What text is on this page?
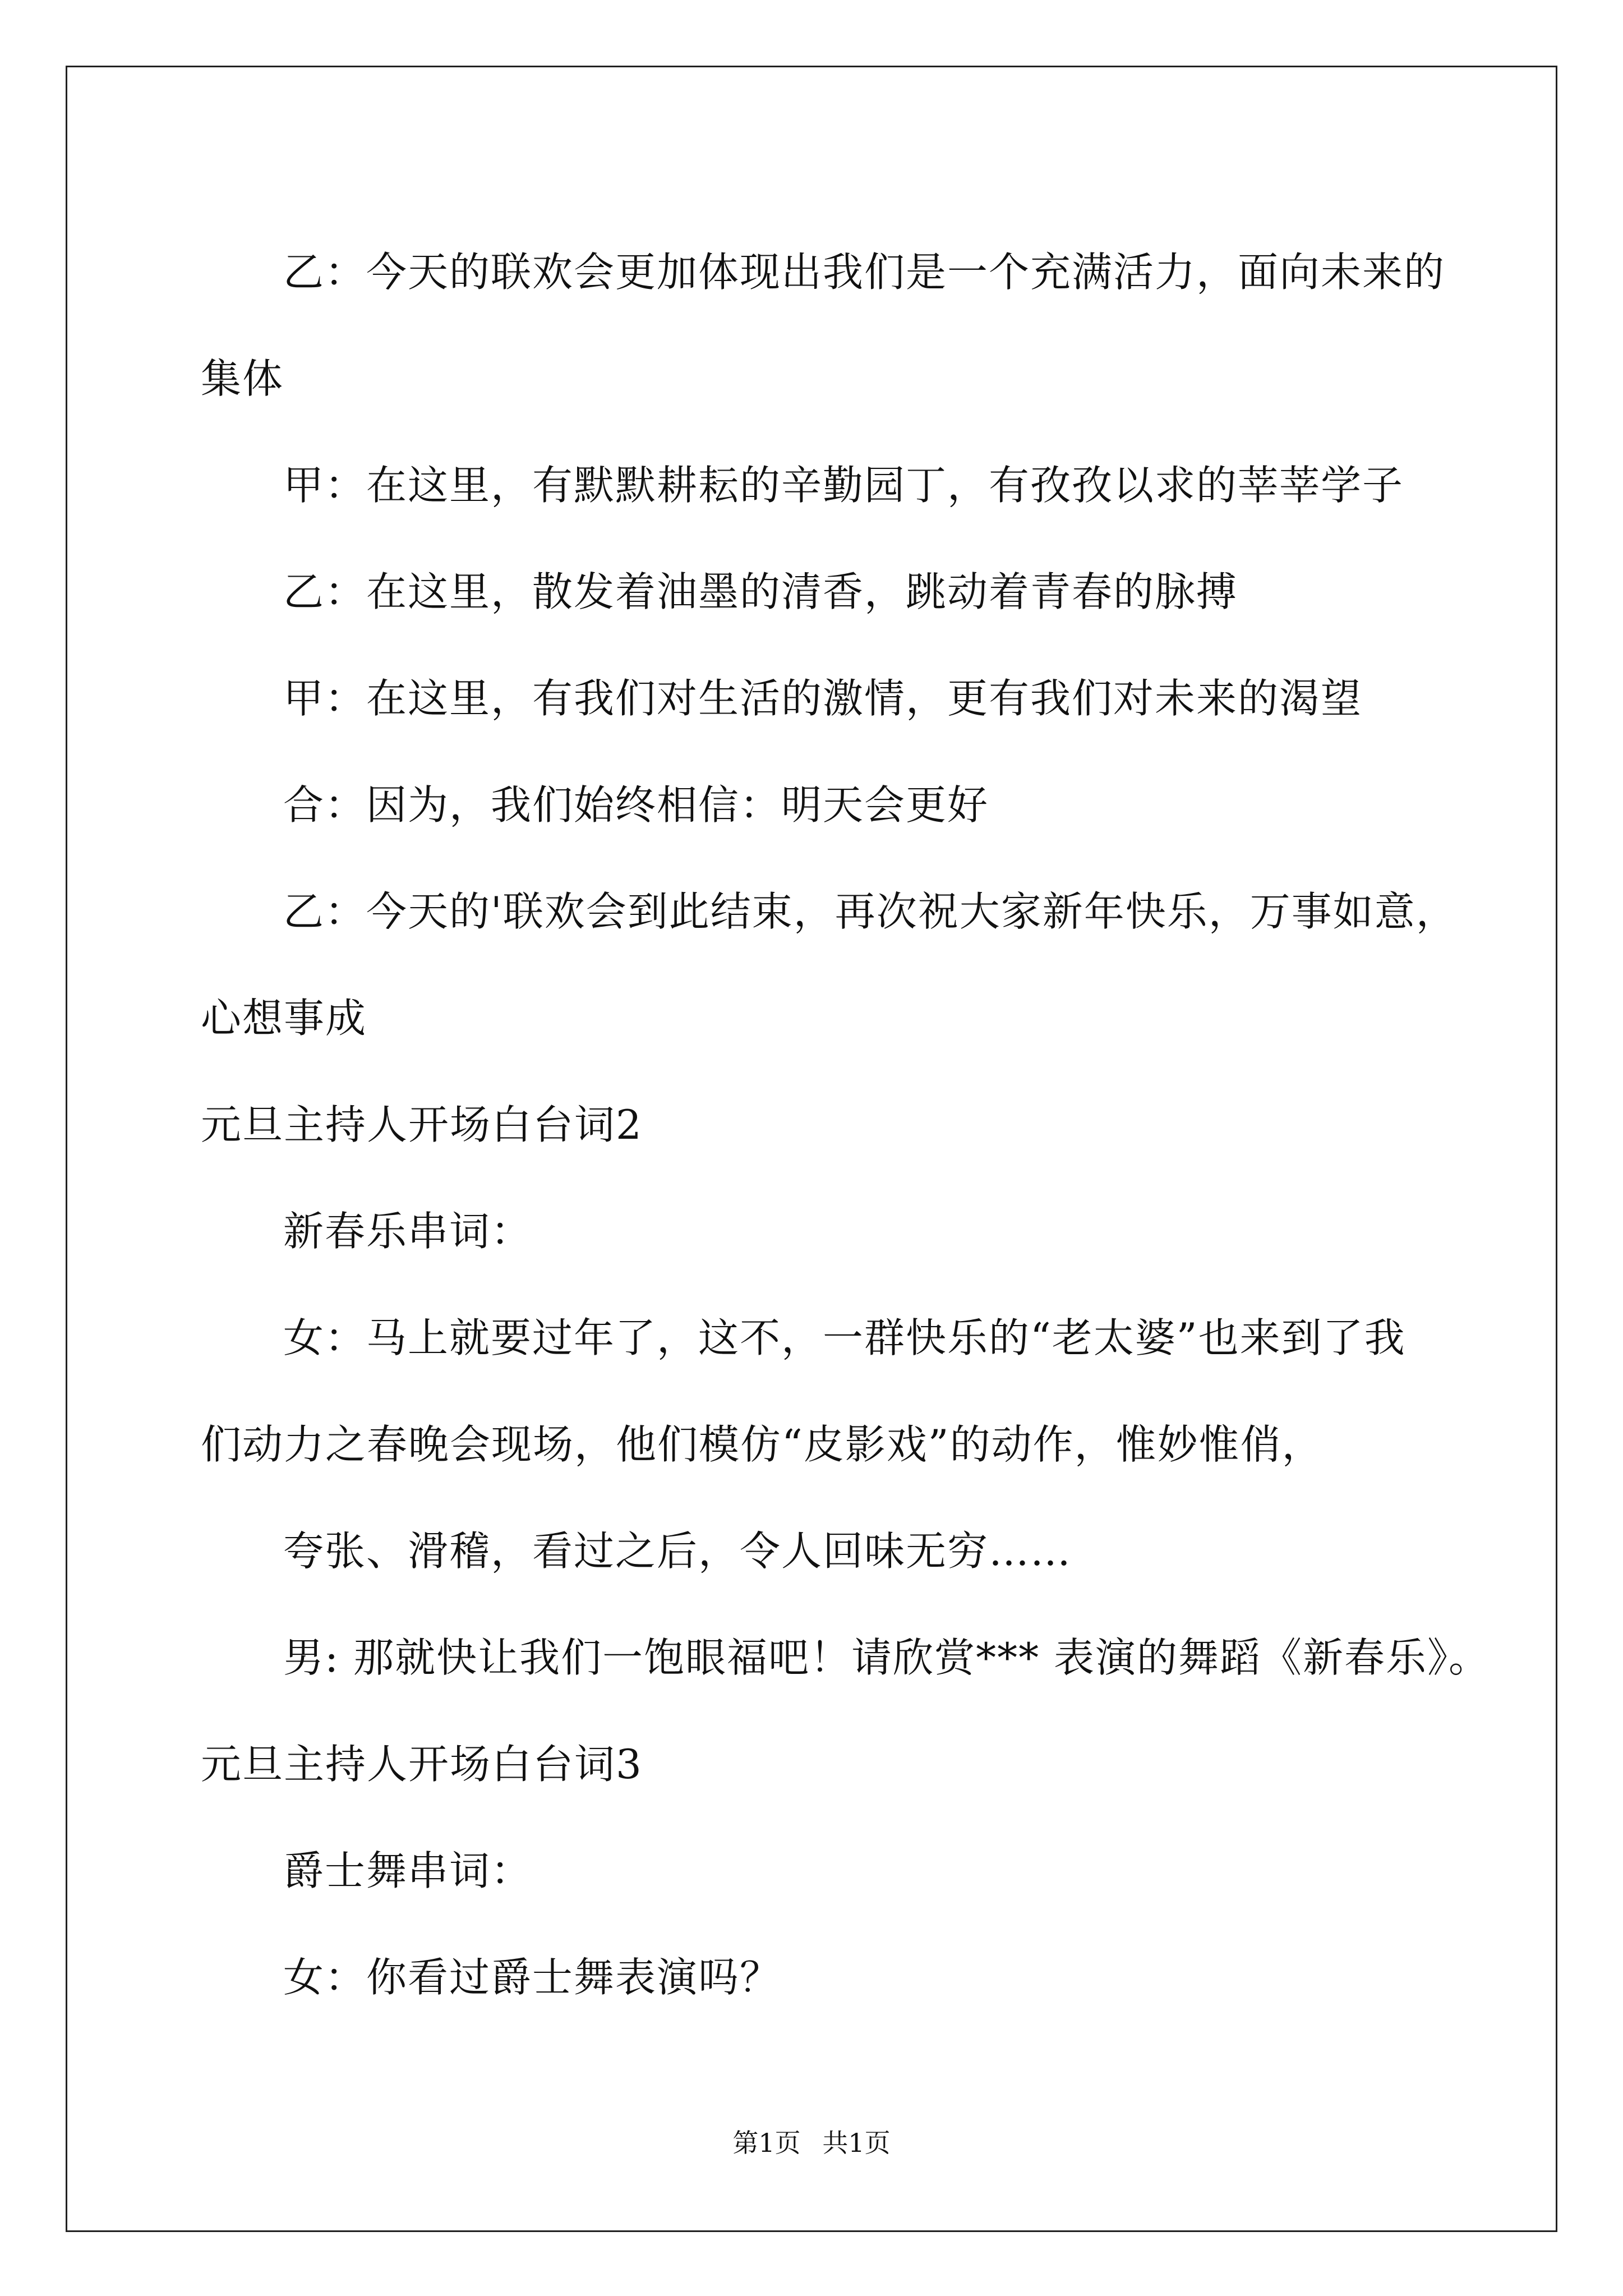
乙：今天的联欢会更加体现出我们是一个充满活力，面向未来的
集体
甲：在这里，有默默耕耘的辛勤园丁，有孜孜以求的莘莘学子
乙：在这里，散发着油墨的清香，跳动着青春的脉搏
甲：在这里，有我们对生活的激情，更有我们对未来的渴望
合：因为，我们始终相信：明天会更好
乙：今天的'联欢会到此结束，再次祝大家新年快乐，万事如意，
心想事成
元旦主持人开场白台词2
新春乐串词：
女：马上就要过年了，这不，一群快乐的“老太婆”也来到了我
们动力之春晚会现场，他们模仿“皮影戏”的动作，惟妙惟俏，
夸张、滑稽，看过之后，令人回味无穷……
男: 那就快让我们一饱眼福吧！请欣赏*** 表演的舞蹈《新春乐》。
元旦主持人开场白台词3
爵士舞串词：
女：你看过爵士舞表演吗？
第1页 共1页
